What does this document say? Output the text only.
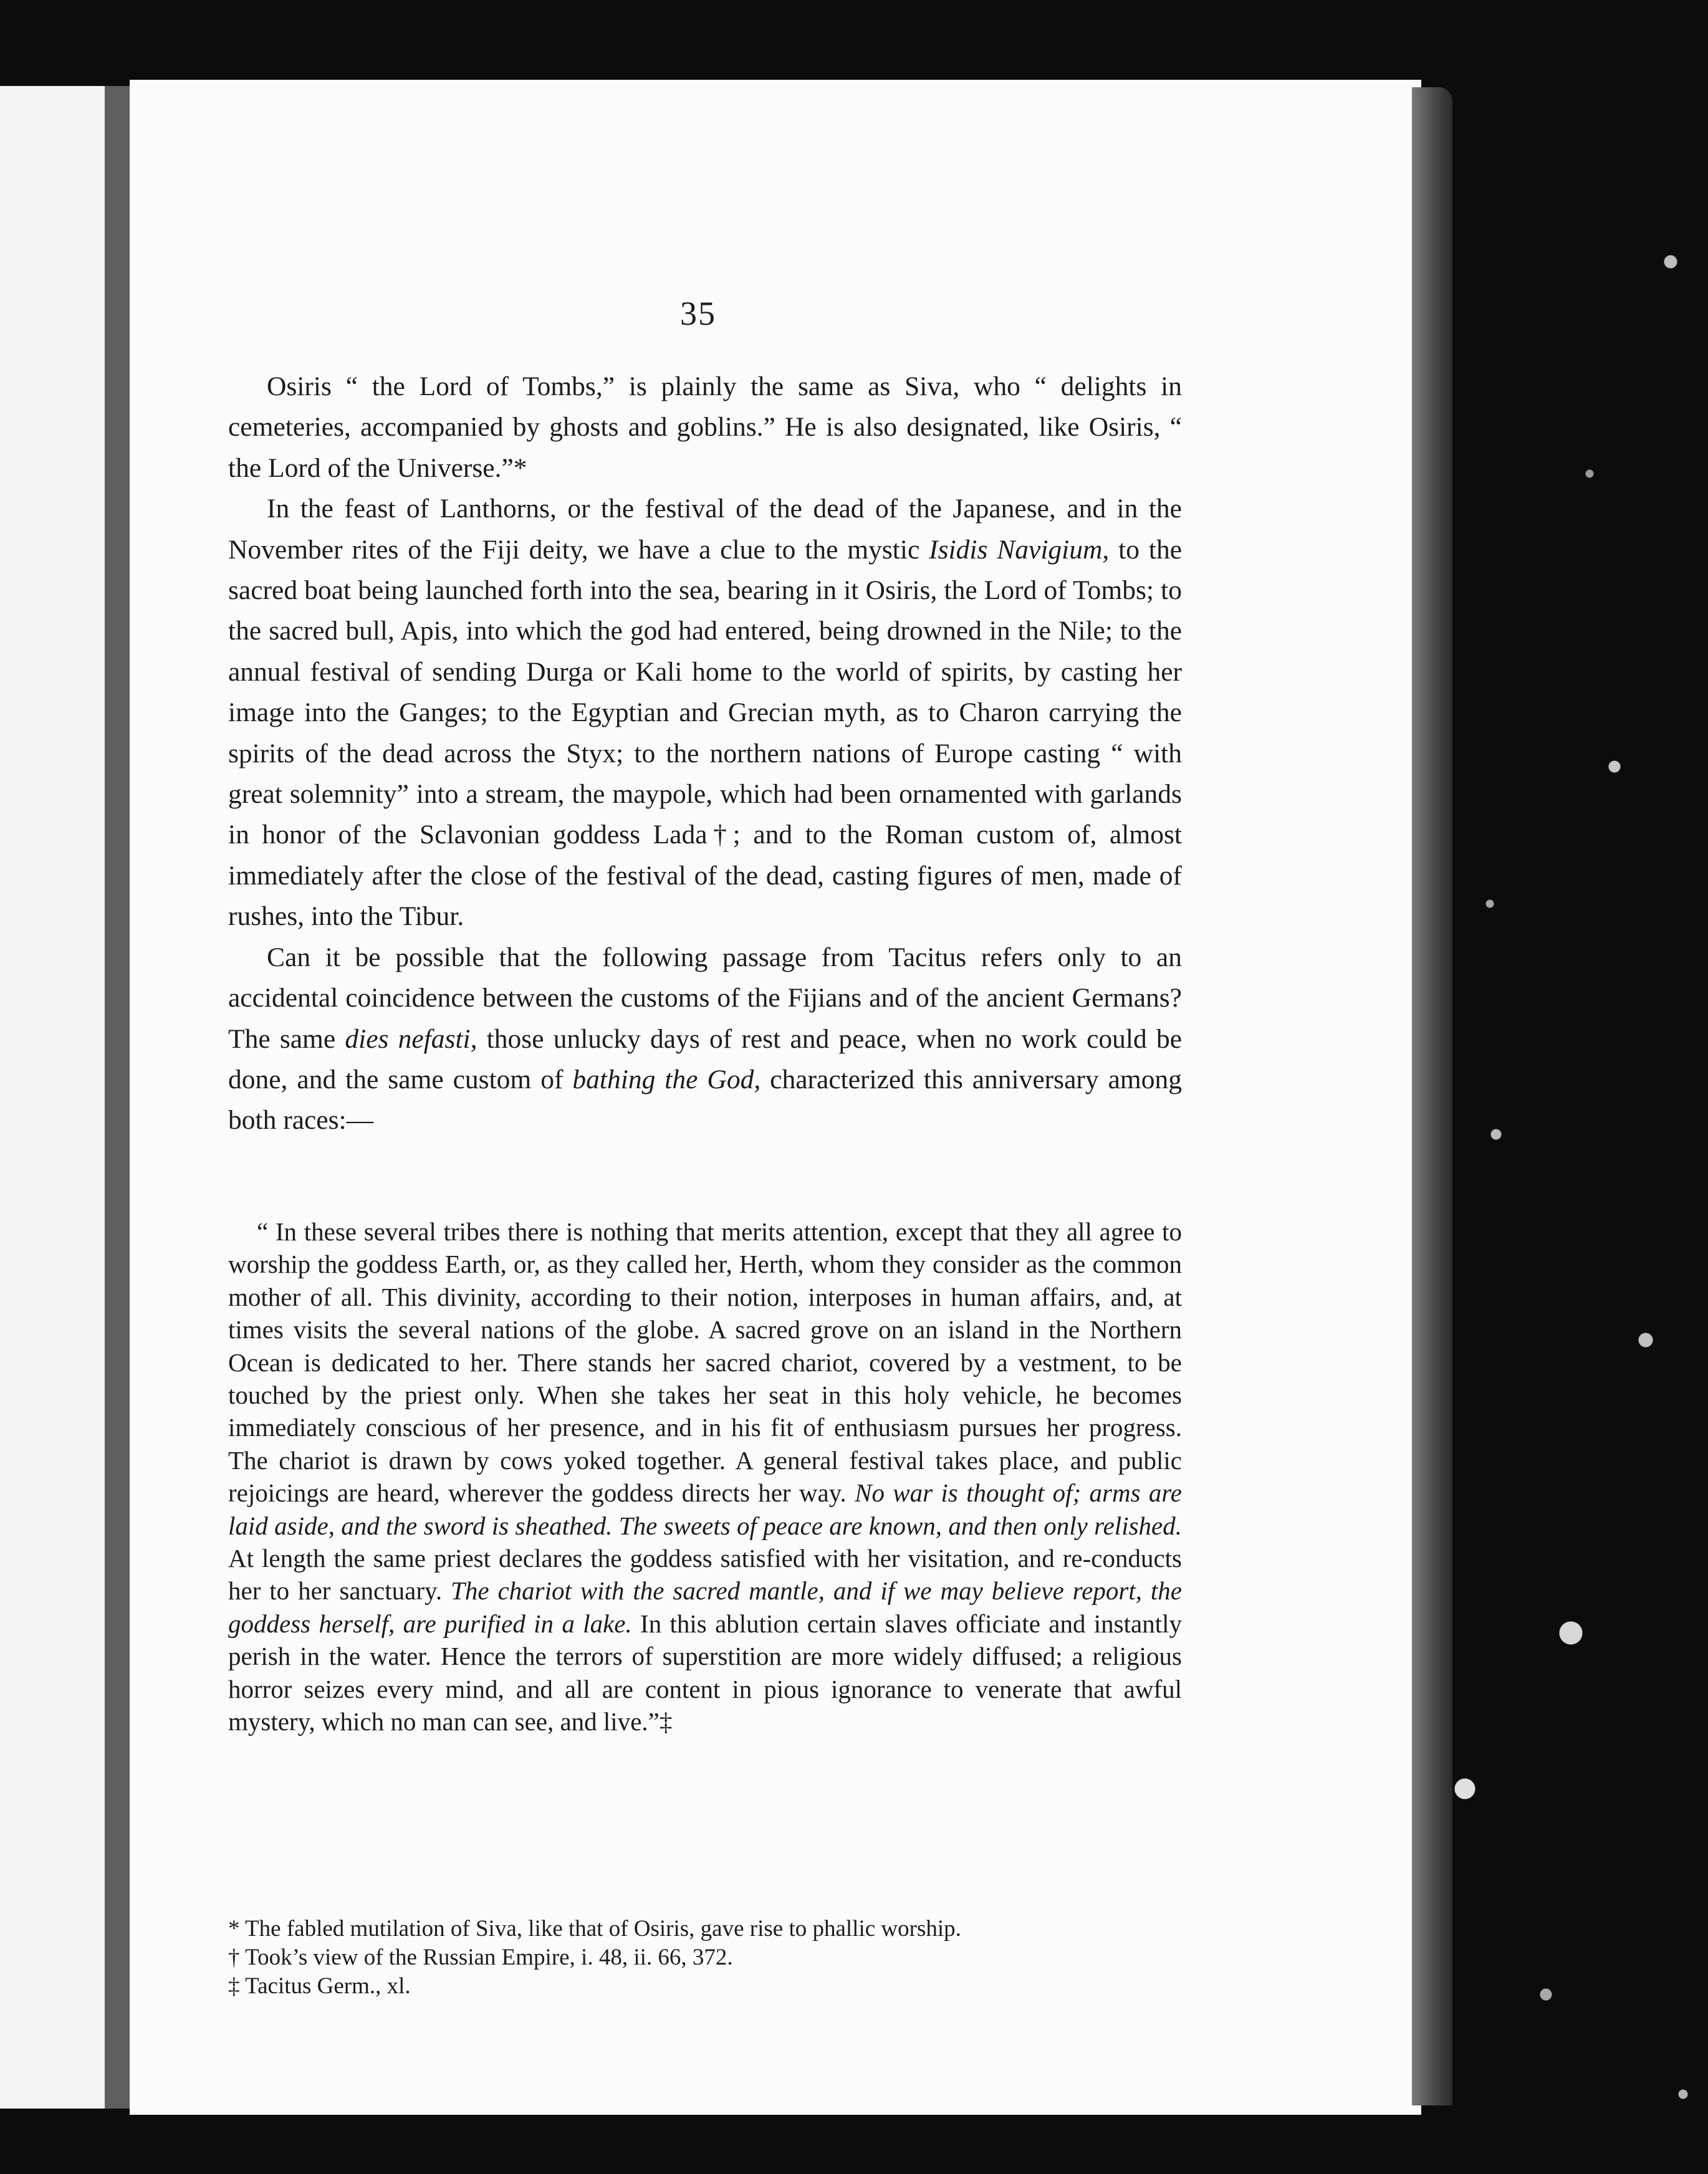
35

Osiris “ the Lord of Tombs,” is plainly the same as Siva, who “ delights in cemeteries, accompanied by ghosts and goblins.” He is also designated, like Osiris, “ the Lord of the Universe.”*

In the feast of Lanthorns, or the festival of the dead of the Japanese, and in the November rites of the Fiji deity, we have a clue to the mystic Isidis Navigium, to the sacred boat being launched forth into the sea, bearing in it Osiris, the Lord of Tombs; to the sacred bull, Apis, into which the god had entered, being drowned in the Nile; to the annual festival of sending Durga or Kali home to the world of spirits, by casting her image into the Ganges; to the Egyptian and Grecian myth, as to Charon carrying the spirits of the dead across the Styx; to the northern nations of Europe casting “ with great solemnity” into a stream, the maypole, which had been ornamented with garlands in honor of the Sclavonian goddess Lada†; and to the Roman custom of, almost immediately after the close of the festival of the dead, casting figures of men, made of rushes, into the Tibur.

Can it be possible that the following passage from Tacitus refers only to an accidental coincidence between the customs of the Fijians and of the ancient Germans? The same dies nefasti, those unlucky days of rest and peace, when no work could be done, and the same custom of bathing the God, characterized this anniversary among both races:—

“ In these several tribes there is nothing that merits attention, except that they all agree to worship the goddess Earth, or, as they called her, Herth, whom they consider as the common mother of all. This divinity, according to their notion, interposes in human affairs, and, at times visits the several nations of the globe. A sacred grove on an island in the Northern Ocean is dedicated to her. There stands her sacred chariot, covered by a vestment, to be touched by the priest only. When she takes her seat in this holy vehicle, he becomes immediately conscious of her presence, and in his fit of enthusiasm pursues her progress. The chariot is drawn by cows yoked together. A general festival takes place, and public rejoicings are heard, wherever the goddess directs her way. No war is thought of; arms are laid aside, and the sword is sheathed. The sweets of peace are known, and then only relished. At length the same priest declares the goddess satisfied with her visitation, and re-conducts her to her sanctuary. The chariot with the sacred mantle, and if we may believe report, the goddess herself, are purified in a lake. In this ablution certain slaves officiate and instantly perish in the water. Hence the terrors of superstition are more widely diffused; a religious horror seizes every mind, and all are content in pious ignorance to venerate that awful mystery, which no man can see, and live.”‡

* The fabled mutilation of Siva, like that of Osiris, gave rise to phallic worship.

† Took’s view of the Russian Empire, i. 48, ii. 66, 372.

‡ Tacitus Germ., xl.
